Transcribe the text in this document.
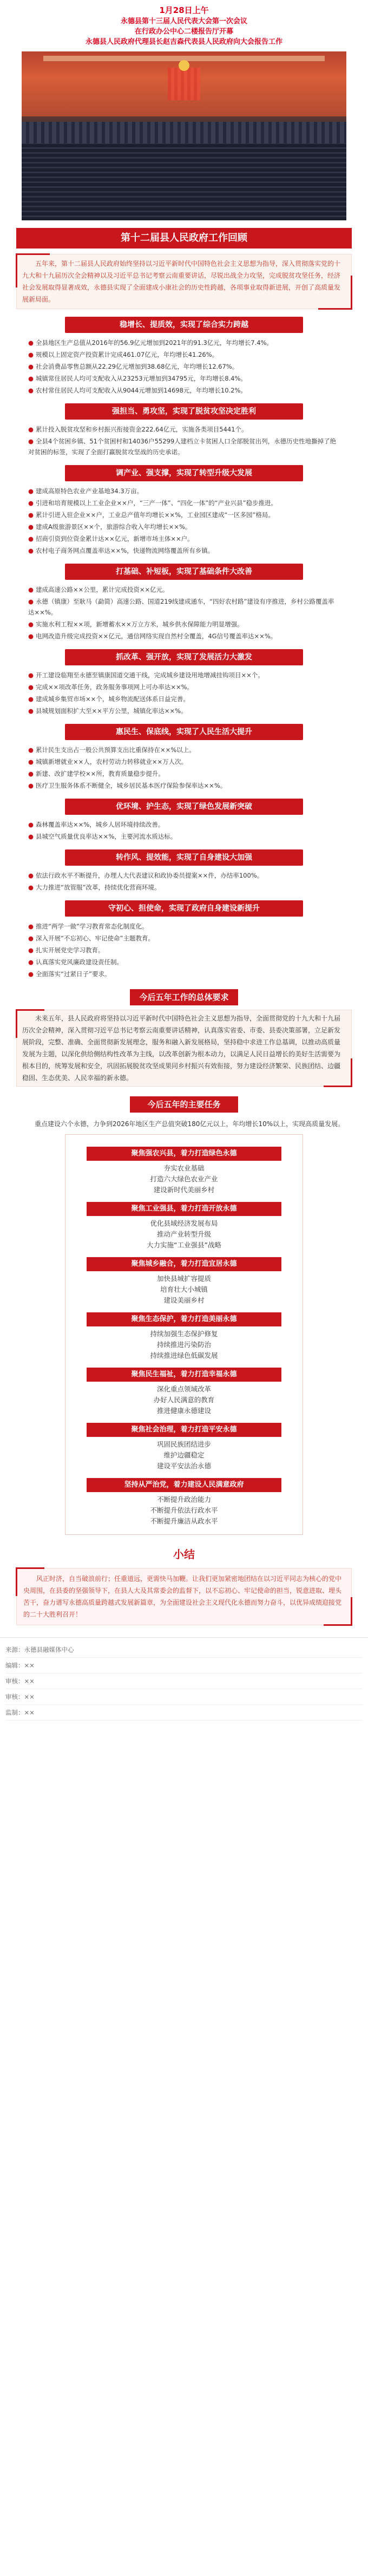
1月28日上午
永德县第十三届人民代表大会第一次会议
在行政办公中心二楼报告厅开幕
永德县人民政府代理县长赵吉森代表县人民政府向大会报告工作
第十二届县人民政府工作回顾
五年来，第十二届县人民政府始终坚持以习近平新时代中国特色社会主义思想为指导，深入贯彻落实党的十九大和十九届历次全会精神以及习近平总书记考察云南重要讲话，尽锐出战全力攻坚，完成脱贫攻坚任务，经济社会发展取得显著成效，永德县实现了全面建成小康社会的历史性跨越，各项事业取得新进展，开创了高质量发展新局面。
稳增长、提质效，实现了综合实力跨越

● 全县地区生产总值从2016年的56.9亿元增加到2021年的91.3亿元，年均增长7.4%。

● 规模以上固定资产投资累计完成461.07亿元，年均增长41.26%。

● 社会消费品零售总额从22.29亿元增加到38.68亿元，年均增长12.67%。

● 城镇常住居民人均可支配收入从23253元增加到34795元，年均增长8.4%。

● 农村常住居民人均可支配收入从9044元增加到14698元，年均增长10.2%。

强担当、勇攻坚，实现了脱贫攻坚决定胜利

● 累计投入脱贫攻坚和乡村振兴衔接资金222.64亿元，实施各类项目5441个。

● 全县4个贫困乡镇、51个贫困村和14036户55299人建档立卡贫困人口全部脱贫出列，永德历史性地撕掉了绝对贫困的标签，实现了全面打赢脱贫攻坚战的历史承诺。

调产业、强支撑，实现了转型升级大发展

● 建成高原特色农业产业基地34.3万亩。

● 引进和培育规模以上工业企业××户，“三产一体”、“四化一体”的“产业兴县”稳步推进。

● 累计引进入驻企业××户，工业总产值年均增长××%，工业园区建成“一区多园”格局。

● 建成A级旅游景区××个，旅游综合收入年均增长××%。

● 招商引资到位资金累计达××亿元，新增市场主体××户。

● 农村电子商务网点覆盖率达××%，快递物流网络覆盖所有乡镇。

打基础、补短板，实现了基础条件大改善

● 建成高速公路××公里，累计完成投资××亿元。

● 永德（镇康）至耿马（勐简）高速公路、国道219线建成通车，“四好农村路”建设有序推进，乡村公路覆盖率达××%。

● 实施水利工程××项，新增蓄水××万立方米，城乡供水保障能力明显增强。

● 电网改造升级完成投资××亿元，通信网络实现自然村全覆盖，4G信号覆盖率达××%。

抓改革、强开放，实现了发展活力大激发

● 开工建设临翔至永德至镇康国道交通干线，完成城乡建设用地增减挂钩项目××个。

● 完成××项改革任务，政务服务事项网上可办率达××%。

● 建成城乡集贸市场××个，城乡物流配送体系日益完善。

● 县城规划面积扩大至××平方公里，城镇化率达××%。

惠民生、保底线，实现了人民生活大提升

● 累计民生支出占一般公共预算支出比重保持在××%以上。

● 城镇新增就业××人，农村劳动力转移就业××万人次。

● 新建、改扩建学校××所，教育质量稳步提升。

● 医疗卫生服务体系不断健全，城乡居民基本医疗保险参保率达××%。

优环境、护生态，实现了绿色发展新突破

● 森林覆盖率达××%，城乡人居环境持续改善。

● 县城空气质量优良率达××%，主要河流水质达标。

转作风、提效能，实现了自身建设大加强

● 依法行政水平不断提升，办理人大代表建议和政协委员提案××件，办结率100%。

● 大力推进“放管服”改革，持续优化营商环境。

守初心、担使命，实现了政府自身建设新提升

● 推进“两学一做”学习教育常态化制度化。

● 深入开展“不忘初心、牢记使命”主题教育。

● 扎实开展党史学习教育。

● 认真落实党风廉政建设责任制。

● 全面落实“过紧日子”要求。

今后五年工作的总体要求
未来五年，县人民政府将坚持以习近平新时代中国特色社会主义思想为指导，全面贯彻党的十九大和十九届历次全会精神，深入贯彻习近平总书记考察云南重要讲话精神，认真落实省委、市委、县委决策部署，立足新发展阶段，完整、准确、全面贯彻新发展理念，服务和融入新发展格局，坚持稳中求进工作总基调，以推动高质量发展为主题，以深化供给侧结构性改革为主线，以改革创新为根本动力，以满足人民日益增长的美好生活需要为根本目的，统筹发展和安全，巩固拓展脱贫攻坚成果同乡村振兴有效衔接，努力建设经济繁荣、民族团结、边疆稳固、生态优美、人民幸福的新永德。
今后五年的主要任务
重点建设六个永德，力争到2026年地区生产总值突破180亿元以上，年均增长10%以上，实现高质量发展。
聚焦强农兴县，着力打造绿色永德
夯实农业基础
打造六大绿色农业产业
建设新时代美丽乡村
聚焦工业强县，着力打造开放永德
优化县域经济发展布局
推动产业转型升级
大力实施“工业强县”战略
聚焦城乡融合，着力打造宜居永德
加快县城扩容提质
培育壮大小城镇
建设美丽乡村
聚焦生态保护，着力打造美丽永德
持续加强生态保护修复
持续推进污染防治
持续推进绿色低碳发展
聚焦民生福祉，着力打造幸福永德
深化重点领域改革
办好人民满意的教育
推进健康永德建设
聚焦社会治理，着力打造平安永德
巩固民族团结进步
维护边疆稳定
建设平安法治永德
坚持从严治党，着力建设人民满意政府
不断提升政治能力
不断提升依法行政水平
不断提升廉洁从政水平
小结
风正时济，自当破浪前行；任重道远，更需快马加鞭。让我们更加紧密地团结在以习近平同志为核心的党中央周围，在县委的坚强领导下，在县人大及其常委会的监督下，以不忘初心、牢记使命的担当，锐意进取、埋头苦干，奋力谱写永德高质量跨越式发展新篇章，为全面建设社会主义现代化永德而努力奋斗，以优异成绩迎接党的二十大胜利召开！
来源：永德县融媒体中心
编辑：××
审核：××
审核：××
监制：××
